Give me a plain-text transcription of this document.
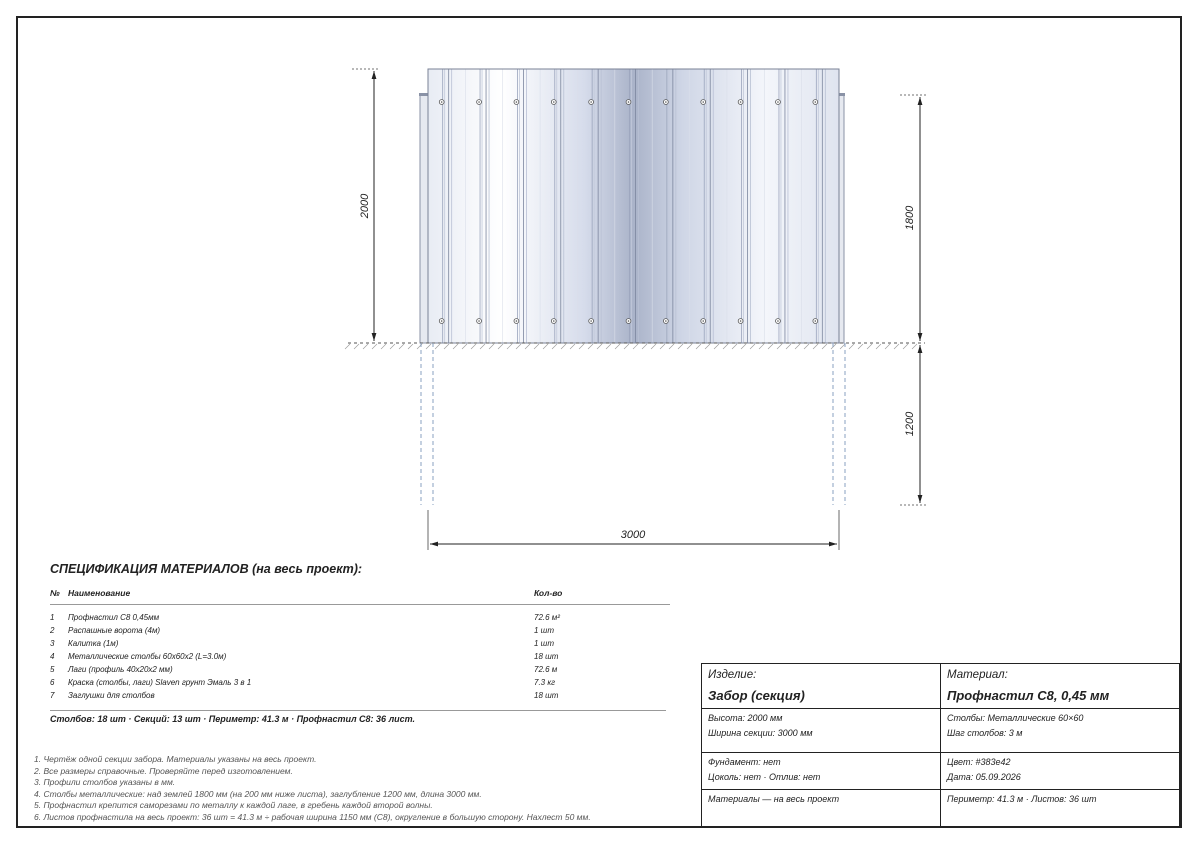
2000	1800
1200
3000
СПЕЦИФИКАЦИЯ МАТЕРИАЛОВ (на весь проект):
№ Наименование	Кол-во
1	Профнастил С8 0,45мм	72.6 м²
2	Распашные ворота (4м)	1 шт
3	Калитка (1м)	1 шт
4	Металлические столбы 60х60х2 (L=3.0м)	18 шт
5	Лаги (профиль 40х20х2 мм)	72.6 м
6	Краска (столбы, лаги) Slaven грунт Эмаль 3 в 1	7.3 кг
7	Заглушки для столбов	18 шт
Столбов: 18 шт · Секций: 13 шт · Периметр: 41.3 м · Профнастил С8: 36 лист.
1. Чертёж одной секции забора. Материалы указаны на весь проект.
2. Все размеры справочные. Проверяйте перед изготовлением.
3. Профили столбов указаны в мм.
4. Столбы металлические: над землей 1800 мм (на 200 мм ниже листа), заглубление 1200 мм, длина 3000 мм.
5. Профнастил крепится саморезами по металлу к каждой лаге, в гребень каждой второй волны.
6. Листов профнастила на весь проект: 36 шт = 41.3 м ÷ рабочая ширина 1150 мм (С8), округление в большую сторону. Нахлест 50 мм.
Изделие:
Забор (секция)
Материал:
Профнастил С8, 0,45 мм
Высота: 2000 мм
Ширина секции: 3000 мм
Столбы: Металлические 60×60
Шаг столбов: 3 м
Фундамент: нет
Цоколь: нет · Отлив: нет
Цвет: #383e42
Дата: 05.09.2026
Материалы — на весь проект	Периметр: 41.3 м · Листов: 36 шт
